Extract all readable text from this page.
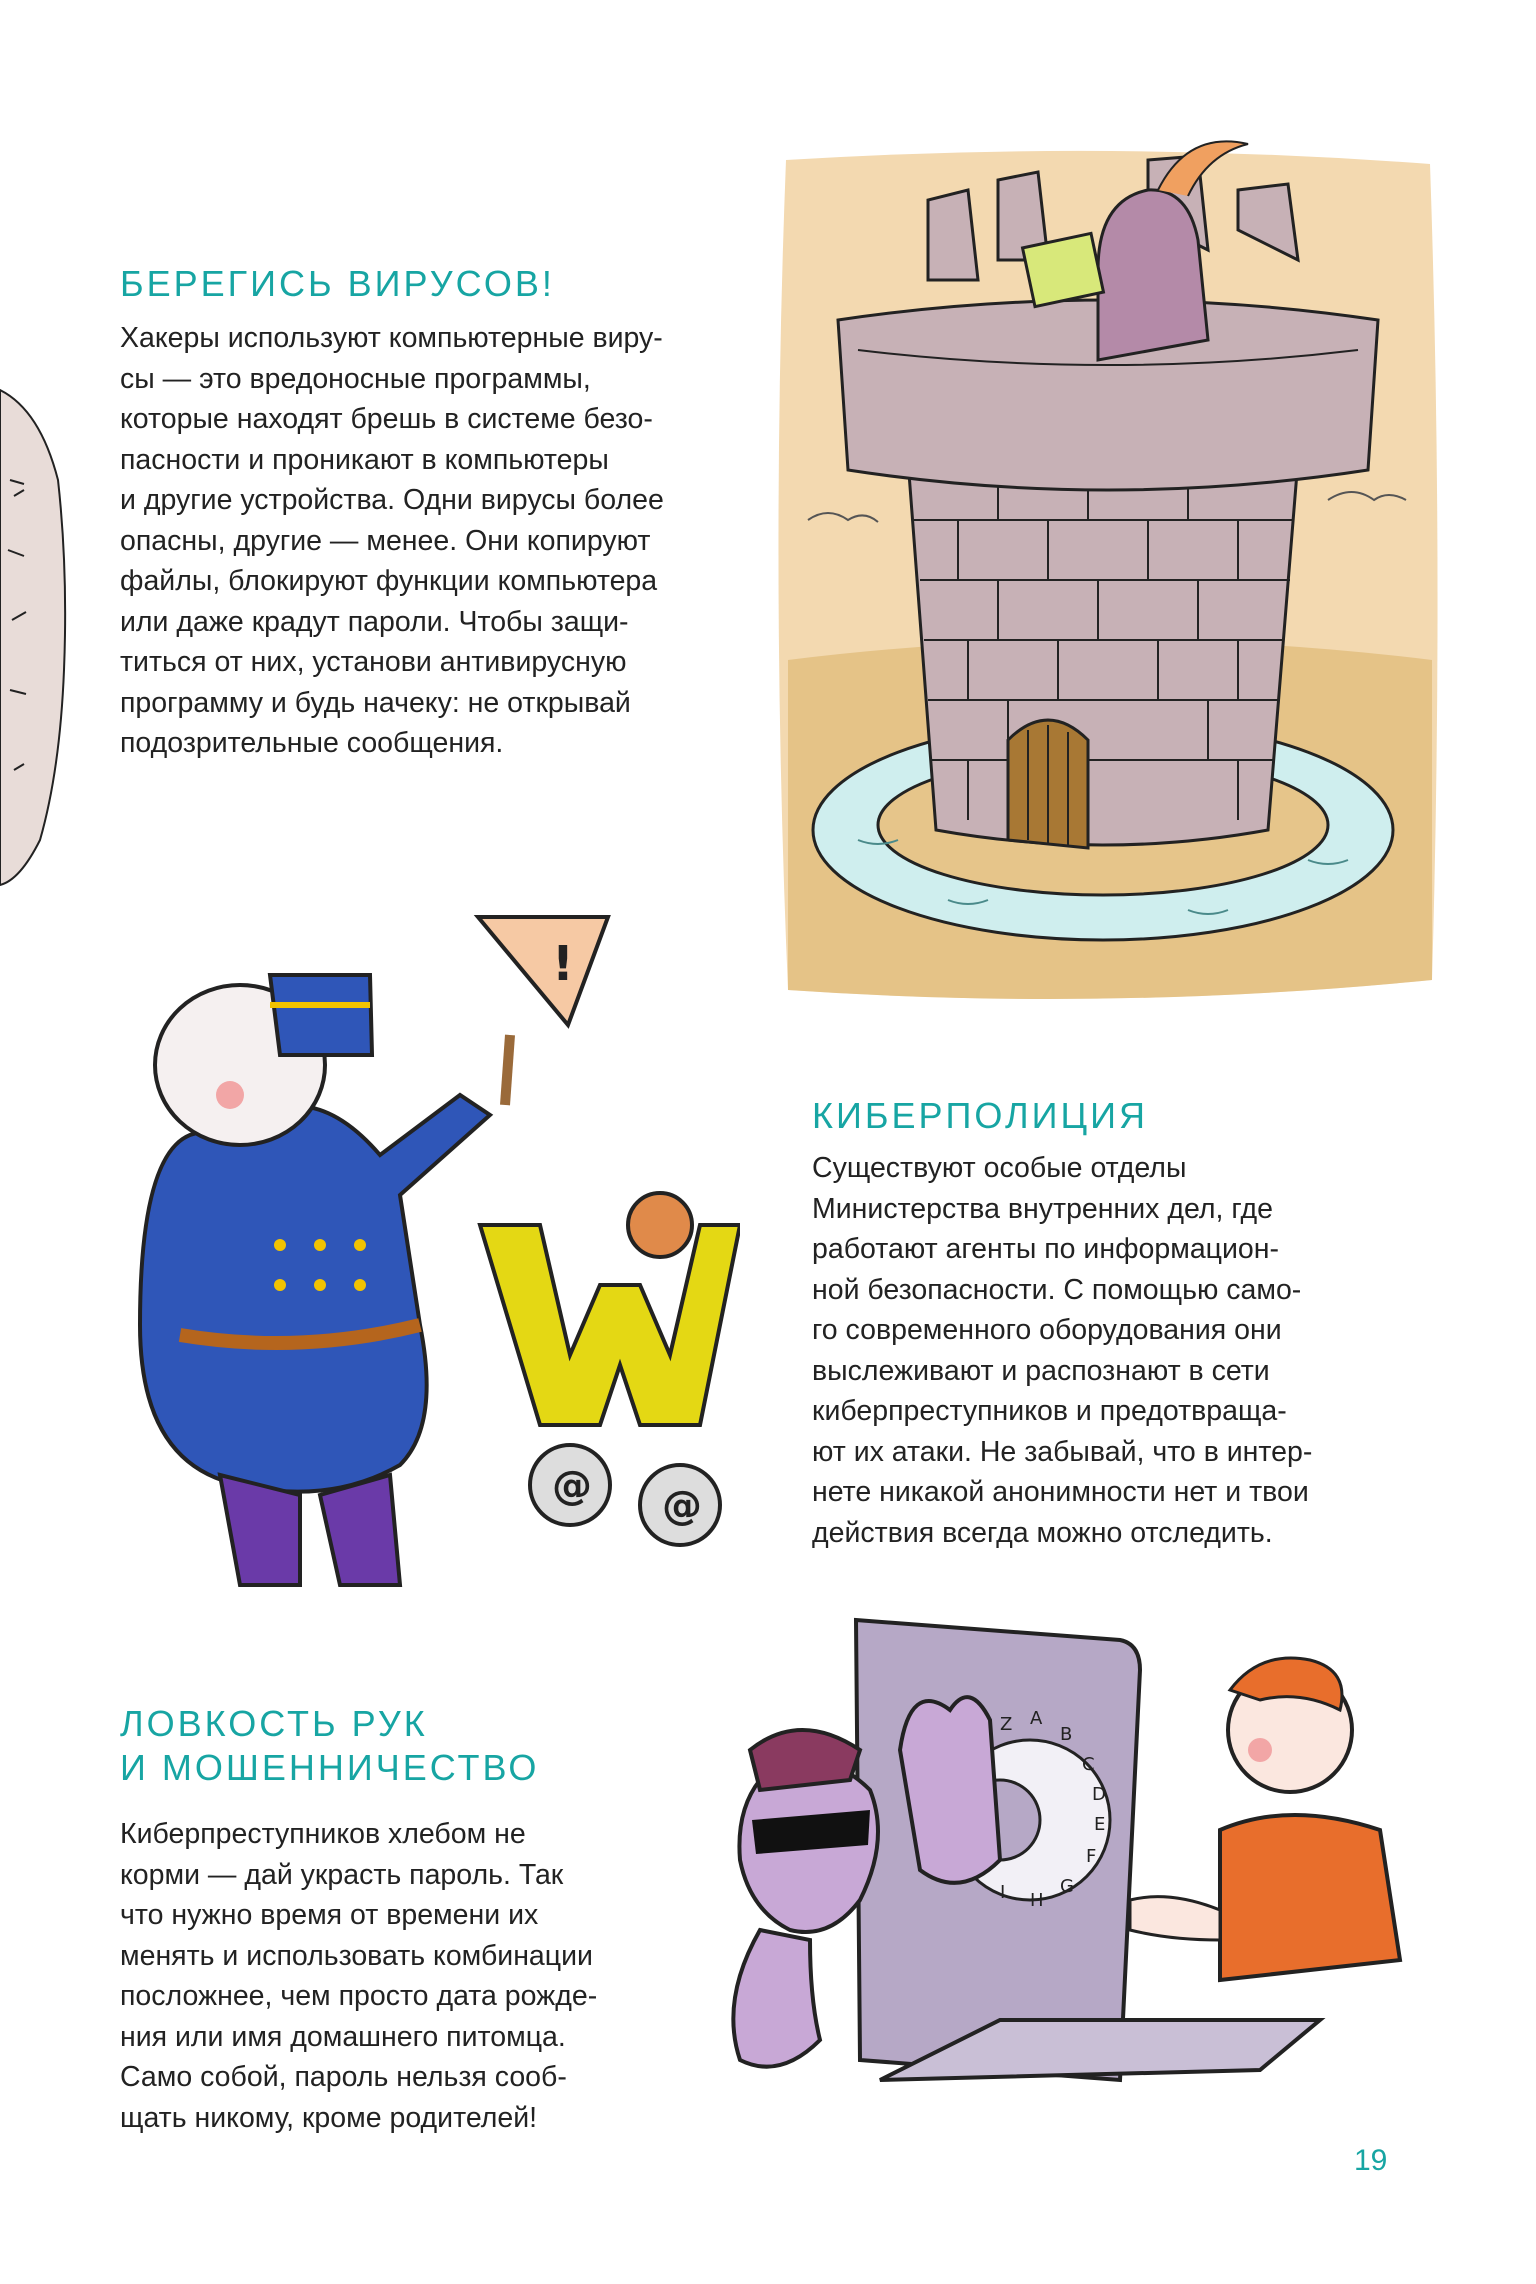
БЕРЕГИСЬ ВИРУСОВ!

Хакеры используют компьютерные виру-
сы — это вредоносные программы,
которые находят брешь в системе безо-
пасности и проникают в компьютеры
и другие устройства. Одни вирусы более
опасны, другие — менее. Они копируют
файлы, блокируют функции компьютера
или даже крадут пароли. Чтобы защи-
титься от них, установи антивирусную
программу и будь начеку: не открывай
подозрительные сообщения.

!
@ @
КИБЕРПОЛИЦИЯ

Существуют особые отделы
Министерства внутренних дел, где
работают агенты по информацион-
ной безопасности. С помощью само-
го современного оборудования они
выслеживают и распознают в сети
киберпреступников и предотвраща-
ют их атаки. Не забывай, что в интер-
нете никакой анонимности нет и твои
действия всегда можно отследить.

ЛОВКОСТЬ РУК
И МОШЕННИЧЕСТВО

Киберпреступников хлебом не
корми — дай украсть пароль. Так
что нужно время от времени их
менять и использовать комбинации
посложнее, чем просто дата рожде-
ния или имя домашнего питомца.
Само собой, пароль нельзя сооб-
щать никому, кроме родителей!

Z A
B
C
D
E
F
G
H
I
19
